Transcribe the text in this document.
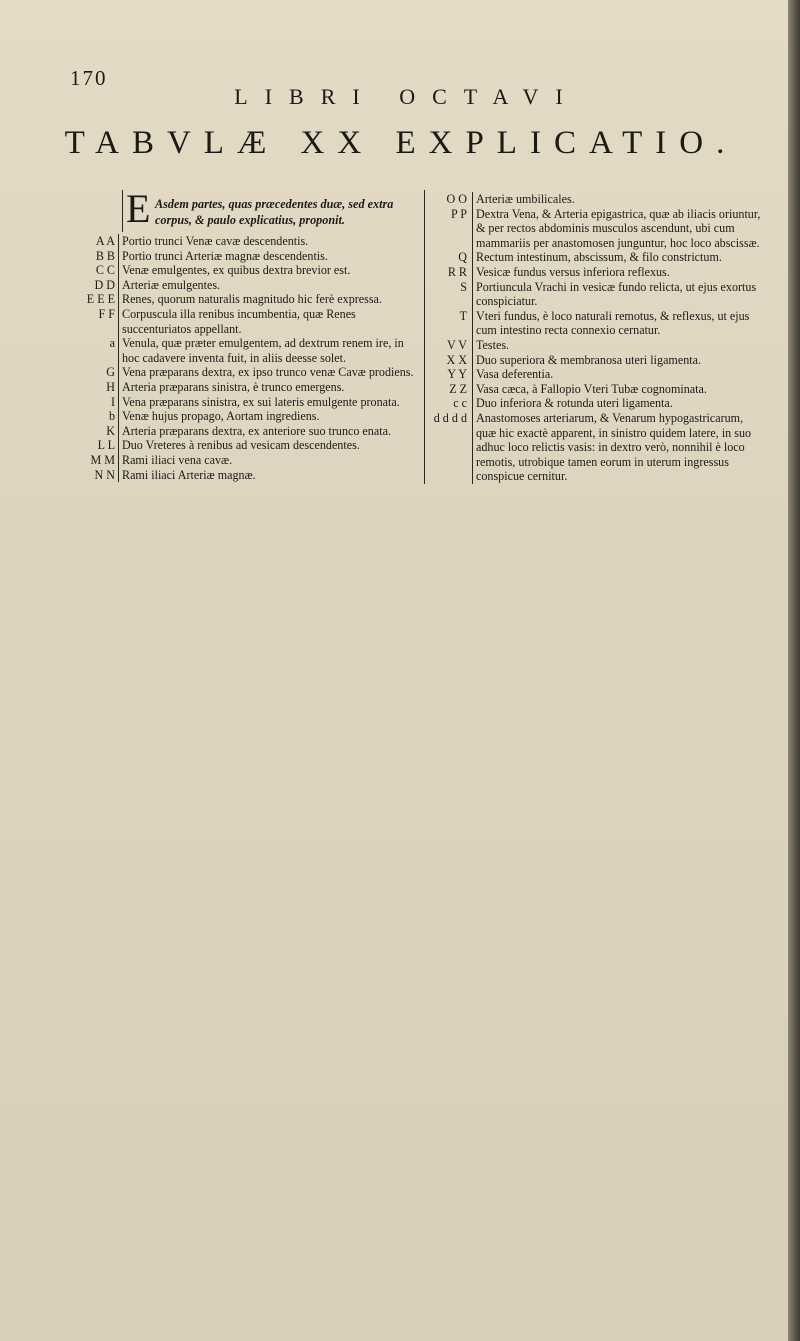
170
LIBRI OCTAVI
TABVLÆ XX EXPLICATIO.
E Asdem partes, quas præcedentes duæ, sed extra corpus, & paulo explicatius, proponit.
A A Portio trunci Venæ cavæ descendentis.
B B Portio trunci Arteriæ magnæ descendentis.
C C Venæ emulgentes, ex quibus dextra brevior est.
D D Arteriæ emulgentes.
E E E Renes, quorum naturalis magnitudo hic ferè expressa.
F F Corpuscula illa renibus incumbentia, quæ Renes succenturiatos appellant.
a Venula, quæ præter emulgentem, ad dextrum renem ire, in hoc cadavere inventa fuit, in aliis deesse solet.
G Vena præparans dextra, ex ipso trunco venæ Cavæ prodiens.
H Arteria præparans sinistra, è trunco emergens.
I Vena præparans sinistra, ex sui lateris emulgente pronata.
b Venæ hujus propago, Aortam ingrediens.
K Arteria præparans dextra, ex anteriore suo trunco enata.
L L Duo Vreteres à renibus ad vesicam descendentes.
M M Rami iliaci vena cavæ.
N N Rami iliaci Arteriæ magnæ.
O O Arteriæ umbilicales.
P P Dextra Vena, & Arteria epigastrica, quæ ab iliacis oriuntur, & per rectos abdominis musculos ascendunt, ubi cum mammariis per anastomosen junguntur, hoc loco abscissæ.
Q Rectum intestinum, abscissum, & filo constrictum.
R R Vesicæ fundus versus inferiora reflexus.
S Portiuncula Vrachi in vesicæ fundo relicta, ut ejus exortus conspiciatur.
T Vteri fundus, è loco naturali remotus, & reflexus, ut ejus cum intestino recta connexio cernatur.
V V Testes.
X X Duo superiora & membranosa uteri ligamenta.
Y Y Vasa deferentia.
Z Z Vasa cæca, à Fallopio Vteri Tubæ cognominata.
c c Duo inferiora & rotunda uteri ligamenta.
d d d d Anastomoses arteriarum, & Venarum hypogastricarum, quæ hic exactè apparent, in sinistro quidem latere, in suo adhuc loco relictis vasis: in dextro verò, nonnihil è loco remotis, utrobique tamen eorum in uterum ingressus conspicue cernitur.
